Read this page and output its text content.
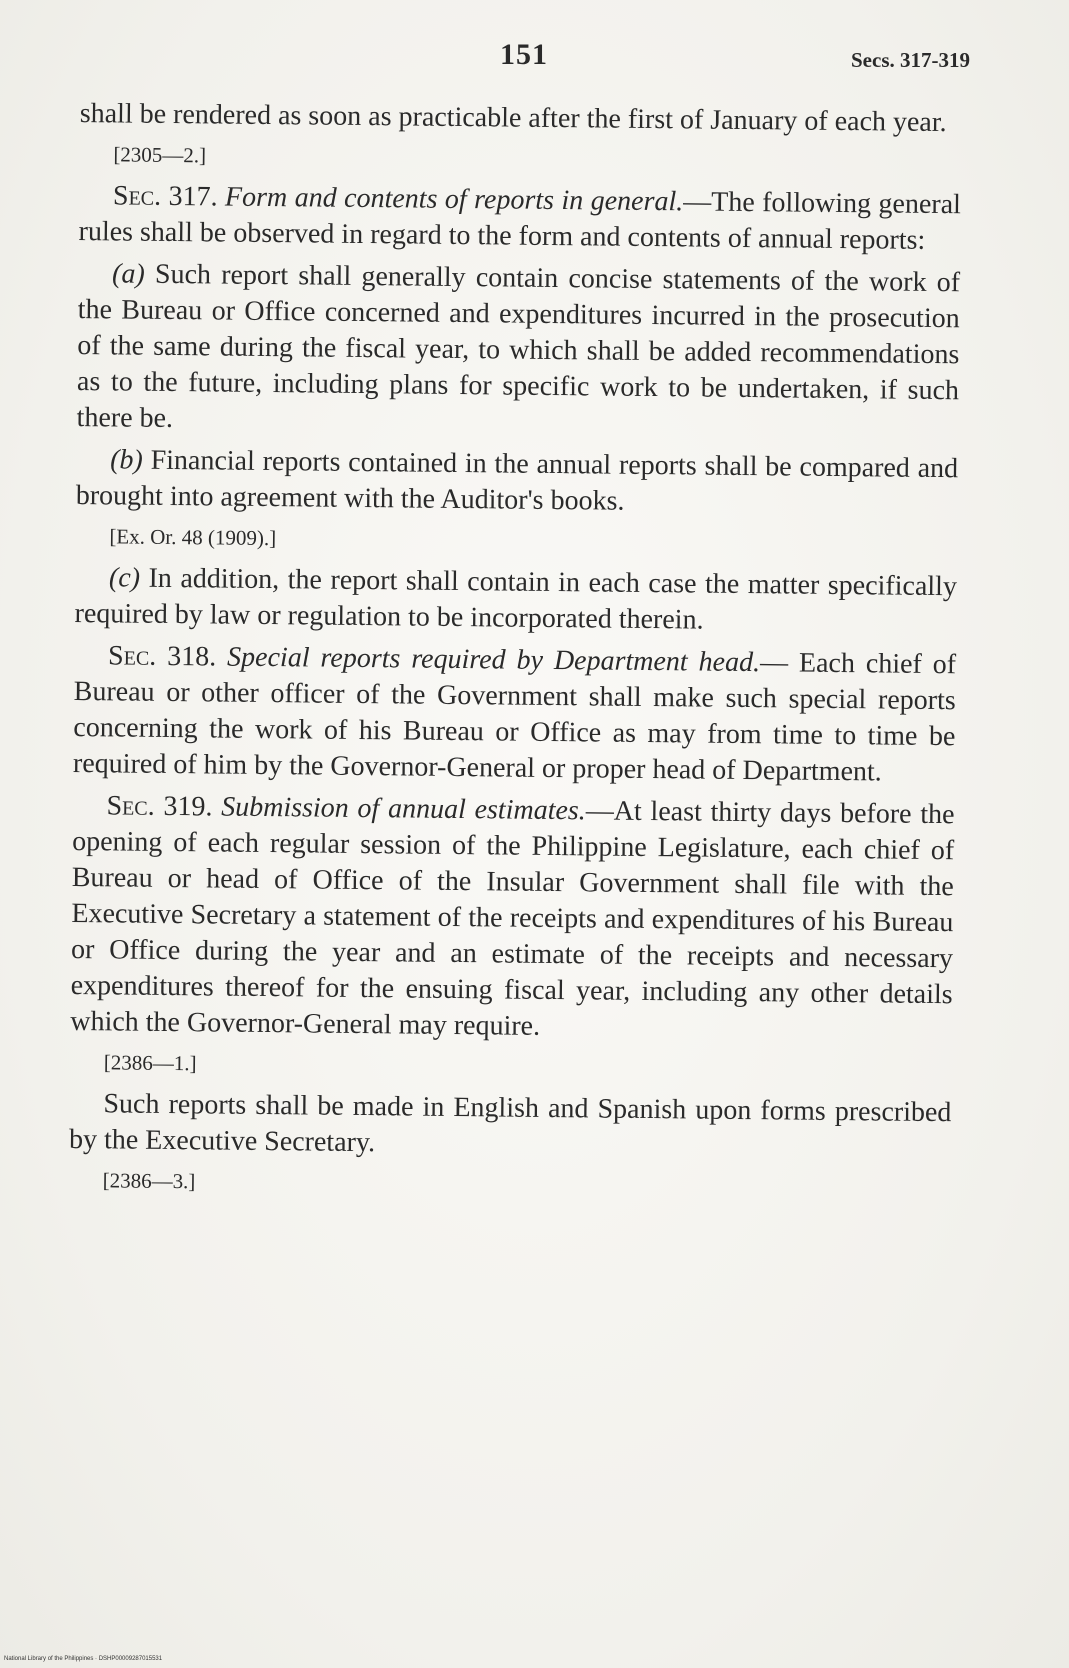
151	Secs. 317-319

shall be rendered as soon as practicable after the first of January of each year.

[2305—2.]

Sec. 317. Form and contents of reports in general.—The following general rules shall be observed in regard to the form and contents of annual reports:

(a) Such report shall generally contain concise statements of the work of the Bureau or Office concerned and expenditures incurred in the prosecution of the same during the fiscal year, to which shall be added recommendations as to the future, including plans for specific work to be undertaken, if such there be.

(b) Financial reports contained in the annual reports shall be compared and brought into agreement with the Auditor's books.

[Ex. Or. 48 (1909).]

(c) In addition, the report shall contain in each case the matter specifically required by law or regulation to be incorporated therein.

Sec. 318. Special reports required by Department head.— Each chief of Bureau or other officer of the Government shall make such special reports concerning the work of his Bureau or Office as may from time to time be required of him by the Governor-General or proper head of Department.

Sec. 319. Submission of annual estimates.—At least thirty days before the opening of each regular session of the Philippine Legislature, each chief of Bureau or head of Office of the Insular Government shall file with the Executive Secretary a statement of the receipts and expenditures of his Bureau or Office during the year and an estimate of the receipts and necessary expenditures thereof for the ensuing fiscal year, including any other details which the Governor-General may require.

[2386—1.]

Such reports shall be made in English and Spanish upon forms prescribed by the Executive Secretary.

[2386—3.]

National Library of the Philippines · DSHP00009287015531
